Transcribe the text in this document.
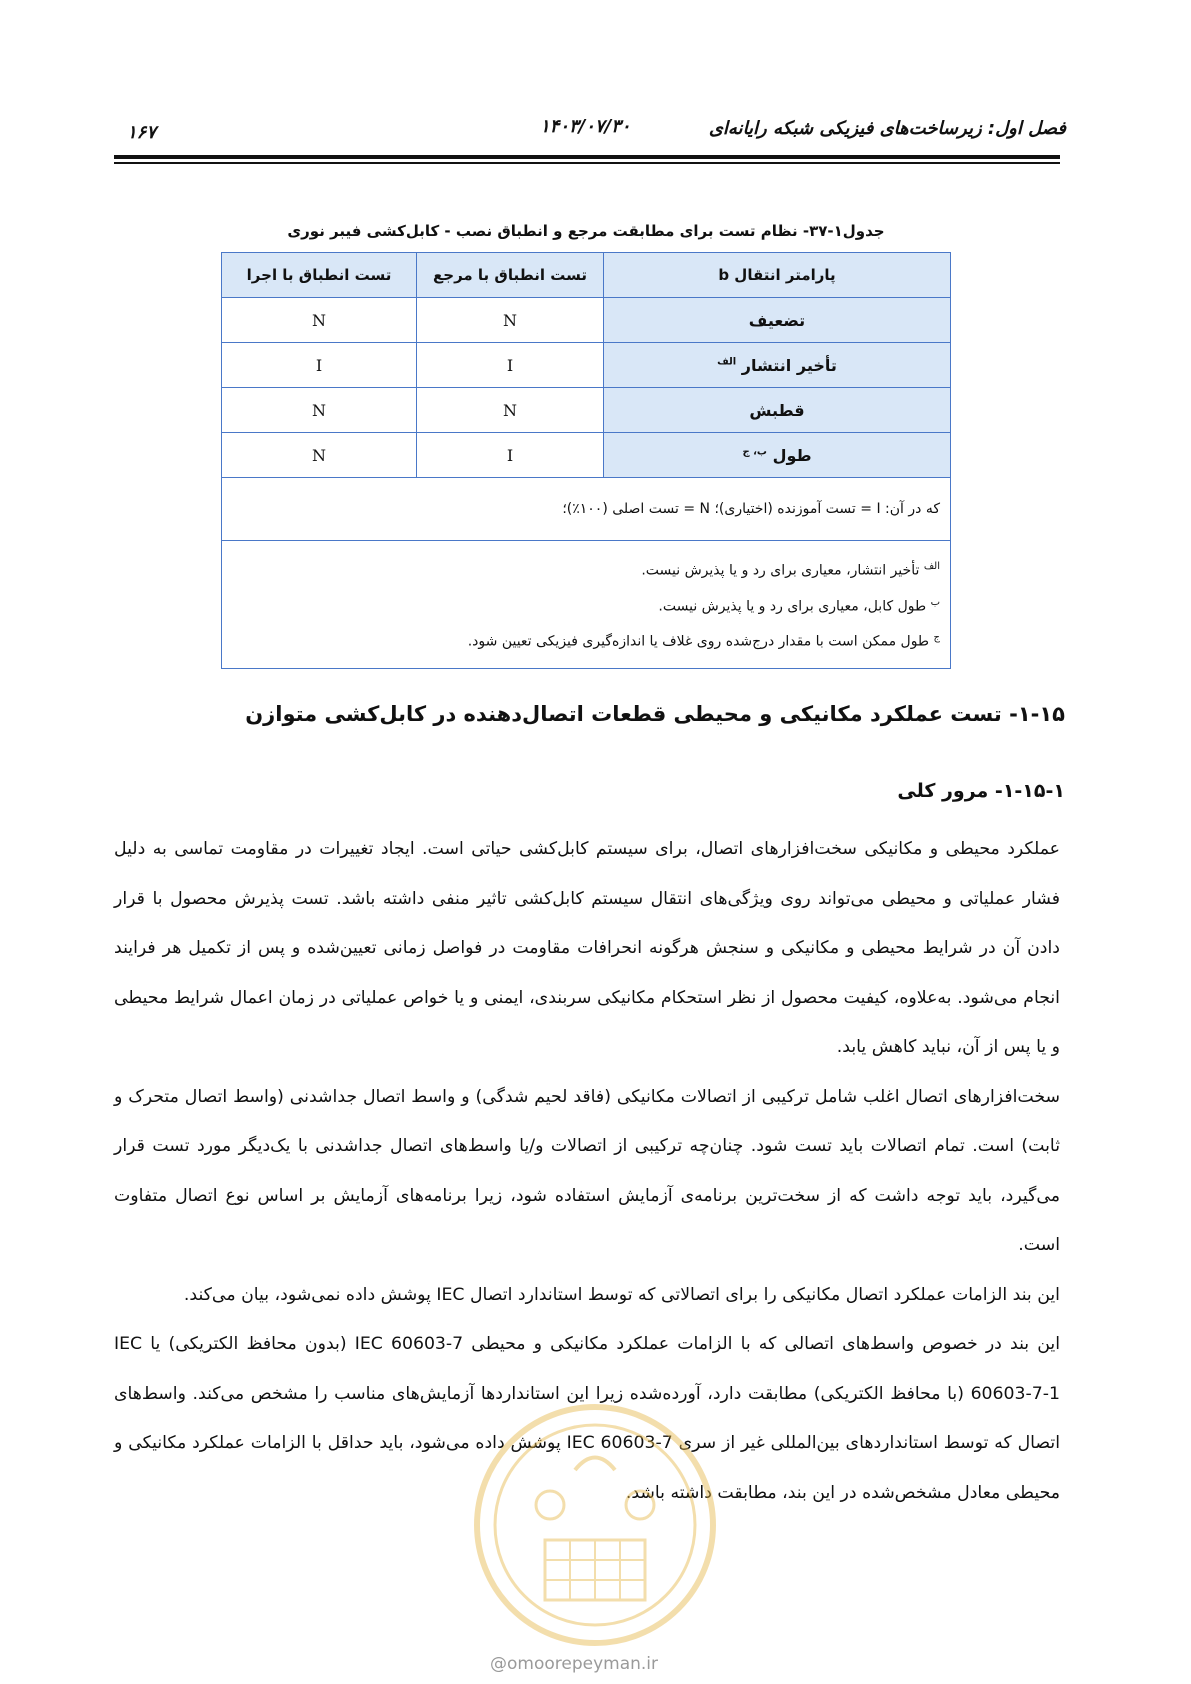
۱۶۷	۱۴۰۳/۰۷/۳۰	فصل اول: زیرساخت‌های فیزیکی شبکه رایانه‌ای
جدول۱-۳۷- نظام تست برای مطابقت مرجع و انطباق نصب - کابل‌کشی فیبر نوری
پارامتر انتقال b	تست انطباق با مرجع	تست انطباق با اجرا
تضعیف	N	N
تأخیر انتشار $^{الف}$	I	I
قطبش	N	N
طول $^{ب، ج}$	I	N
که در آن: I = تست آموزنده (اختیاری)؛ N = تست اصلی (۱۰۰٪)؛		

$^{الف}$ تأخیر انتشار، معیاری برای رد و یا پذیرش نیست.
$^ب$ طول کابل، معیاری برای رد و یا پذیرش نیست.
$^ج$ طول ممکن است با مقدار درج‌شده روی غلاف یا اندازه‌گیری فیزیکی تعیین شود.		
۱-۱۵- تست عملکرد مکانیکی و محیطی قطعات اتصال‌دهنده در کابل‌کشی متوازن
۱-۱۵-۱- مرور کلی

عملکرد محیطی و مکانیکی سخت‌افزارهای اتصال، برای سیستم کابل‌کشی حیاتی است. ایجاد تغییرات در مقاومت تماسی به دلیل فشار عملیاتی و محیطی می‌تواند روی ویژگی‌های انتقال سیستم کابل‌کشی تاثیر منفی داشته باشد. تست پذیرش محصول با قرار دادن آن در شرایط محیطی و مکانیکی و سنجش هرگونه انحرافات مقاومت در فواصل زمانی تعیین‌شده و پس از تکمیل هر فرایند انجام می‌شود. به‌علاوه، کیفیت محصول از نظر استحکام مکانیکی سربندی، ایمنی و یا خواص عملیاتی در زمان اعمال شرایط محیطی و یا پس از آن، نباید کاهش یابد.

سخت‌افزارهای اتصال اغلب شامل ترکیبی از اتصالات مکانیکی (فاقد لحیم شدگی) و واسط اتصال جداشدنی (واسط اتصال متحرک و ثابت) است. تمام اتصالات باید تست شود. چنان‌چه ترکیبی از اتصالات و/یا واسط‌های اتصال جداشدنی با یک‌دیگر مورد تست قرار می‌گیرد، باید توجه داشت که از سخت‌ترین برنامه‌ی آزمایش استفاده شود، زیرا برنامه‌های آزمایش بر اساس نوع اتصال متفاوت است.

این بند الزامات عملکرد اتصال مکانیکی را برای اتصالاتی که توسط استاندارد اتصال IEC پوشش داده نمی‌شود، بیان می‌کند.

این بند در خصوص واسط‌های اتصالی که با الزامات عملکرد مکانیکی و محیطی IEC 60603-7 (بدون محافظ الکتریکی) یا IEC 60603-7-1 (با محافظ الکتریکی) مطابقت دارد، آورده‌شده زیرا این استانداردها آزمایش‌های مناسب را مشخص می‌کند. واسط‌های اتصال که توسط استانداردهای بین‌المللی غیر از سری IEC 60603-7 پوشش داده می‌شود، باید حداقل با الزامات عملکرد مکانیکی و محیطی معادل مشخص‌شده در این بند، مطابقت داشته باشد.

@omoorepeyman.ir
